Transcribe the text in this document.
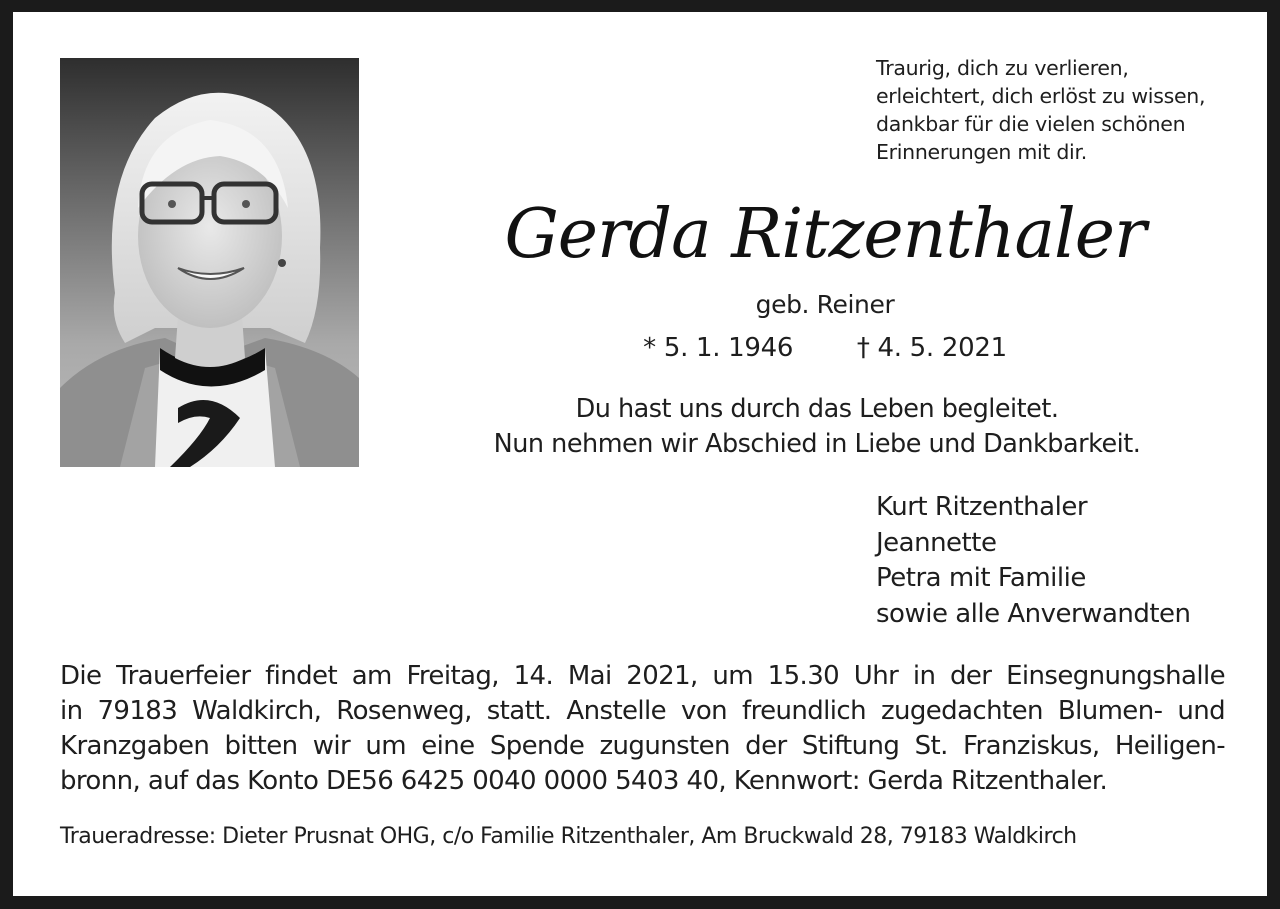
Traurig, dich zu verlieren,
erleichtert, dich erlöst zu wissen,
dankbar für die vielen schönen
Erinnerungen mit dir.
Gerda Ritzenthaler
geb. Reiner
* 5. 1. 1946        † 4. 5. 2021
Du hast uns durch das Leben begleitet.
Nun nehmen wir Abschied in Liebe und Dankbarkeit.
Kurt Ritzenthaler
Jeannette
Petra mit Familie
sowie alle Anverwandten
Die Trauerfeier findet am Freitag, 14. Mai 2021, um 15.30 Uhr in der Einsegnungshalle
in 79183 Waldkirch, Rosenweg, statt. Anstelle von freundlich zugedachten Blumen- und
Kranzgaben bitten wir um eine Spende zugunsten der Stiftung St. Franziskus, Heiligen-
bronn, auf das Konto DE56 6425 0040 0000 5403 40, Kennwort: Gerda Ritzenthaler.
Traueradresse: Dieter Prusnat OHG, c/o Familie Ritzenthaler, Am Bruckwald 28, 79183 Waldkirch
